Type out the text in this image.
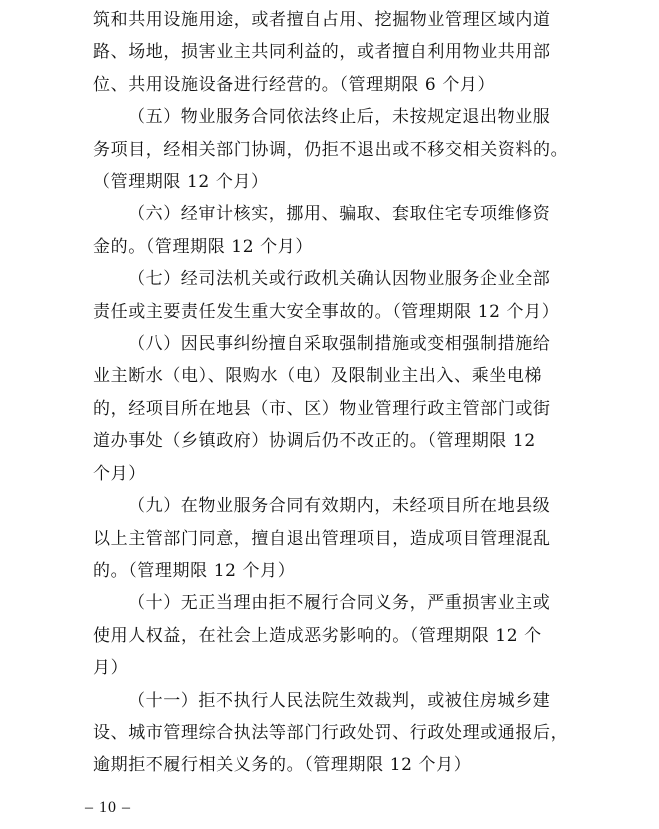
筑和共用设施用途，或者擅自占用、挖掘物业管理区域内道
路、场地，损害业主共同利益的，或者擅自利用物业共用部
位、共用设施设备进行经营的。（管理期限 6 个月）

（五）物业服务合同依法终止后，未按规定退出物业服
务项目，经相关部门协调，仍拒不退出或不移交相关资料的。
（管理期限 12 个月）

（六）经审计核实，挪用、骗取、套取住宅专项维修资
金的。（管理期限 12 个月）

（七）经司法机关或行政机关确认因物业服务企业全部
责任或主要责任发生重大安全事故的。（管理期限 12 个月）

（八）因民事纠纷擅自采取强制措施或变相强制措施给
业主断水（电）、限购水（电）及限制业主出入、乘坐电梯
的，经项目所在地县（市、区）物业管理行政主管部门或街
道办事处（乡镇政府）协调后仍不改正的。（管理期限 12
个月）

（九）在物业服务合同有效期内，未经项目所在地县级
以上主管部门同意，擅自退出管理项目，造成项目管理混乱
的。（管理期限 12 个月）

（十）无正当理由拒不履行合同义务，严重损害业主或
使用人权益，在社会上造成恶劣影响的。（管理期限 12 个
月）

（十一）拒不执行人民法院生效裁判，或被住房城乡建
设、城市管理综合执法等部门行政处罚、行政处理或通报后，
逾期拒不履行相关义务的。（管理期限 12 个月）

– 10 –
